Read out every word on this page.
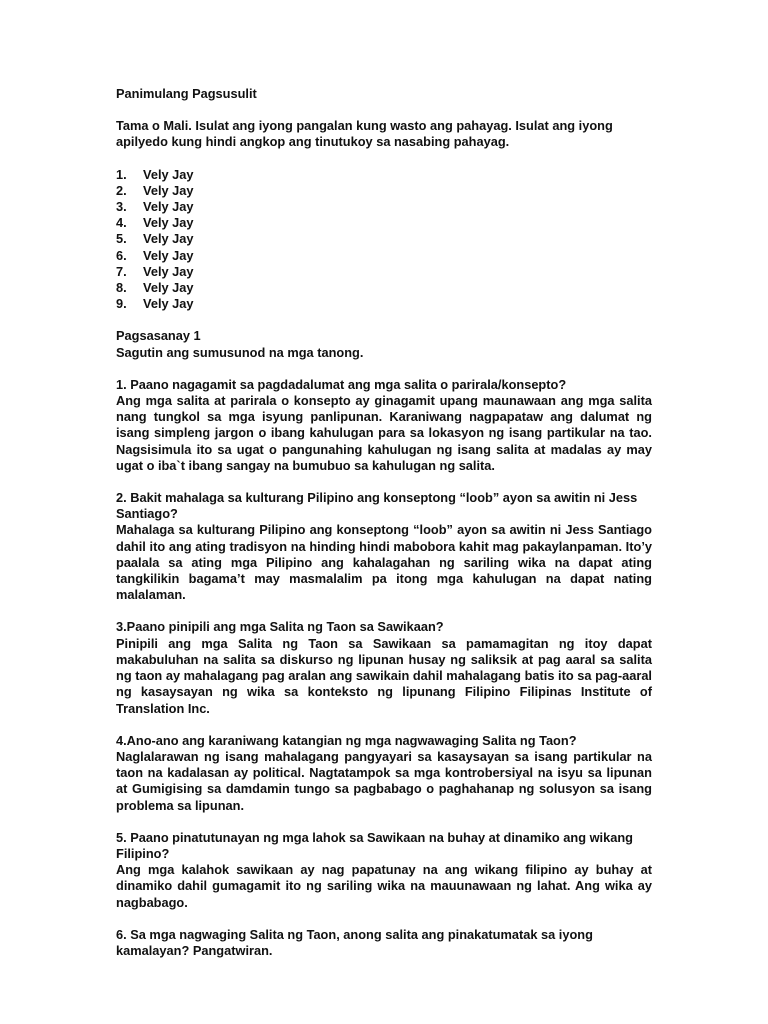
Panimulang Pagsusulit

Tama o Mali. Isulat ang iyong pangalan kung wasto ang pahayag. Isulat ang iyong apilyedo kung hindi angkop ang tinutukoy sa nasabing pahayag.

1.	Vely Jay
2.	Vely Jay
3.	Vely Jay
4.	Vely Jay
5.	Vely Jay
6.	Vely Jay
7.	Vely Jay
8.	Vely Jay
9.	Vely Jay

Pagsasanay 1

Sagutin ang sumusunod na mga tanong.

1. Paano nagagamit sa pagdadalumat ang mga salita o parirala/konsepto?

Ang mga salita at parirala o konsepto ay ginagamit upang maunawaan ang mga salita nang tungkol sa mga isyung panlipunan. Karaniwang nagpapataw ang dalumat ng isang simpleng jargon o ibang kahulugan para sa lokasyon ng isang partikular na tao. Nagsisimula ito sa ugat o pangunahing kahulugan ng isang salita at madalas ay may ugat o iba`t ibang sangay na bumubuo sa kahulugan ng salita.

2. Bakit mahalaga sa kulturang Pilipino ang konseptong “loob” ayon sa awitin ni Jess Santiago?

Mahalaga sa kulturang Pilipino ang konseptong “loob” ayon sa awitin ni Jess Santiago dahil ito ang ating tradisyon na hinding hindi mabobora kahit mag pakaylanpaman. Ito’y paalala sa ating mga Pilipino ang kahalagahan ng sariling wika na dapat ating tangkilikin bagama’t may masmalalim pa itong mga kahulugan na dapat nating malalaman.

3.Paano pinipili ang mga Salita ng Taon sa Sawikaan?

Pinipili ang mga Salita ng Taon sa Sawikaan sa pamamagitan ng itoy dapat makabuluhan na salita sa diskurso ng lipunan husay ng saliksik at pag aaral sa salita ng taon ay mahalagang pag aralan ang sawikain dahil mahalagang batis ito sa pag-aaral ng kasaysayan ng wika sa konteksto ng lipunang Filipino Filipinas Institute of Translation Inc.

4.Ano-ano ang karaniwang katangian ng mga nagwawaging Salita ng Taon?

Naglalarawan ng isang mahalagang pangyayari sa kasaysayan sa isang partikular na taon na kadalasan ay political. Nagtatampok sa mga kontrobersiyal na isyu sa lipunan at Gumigising sa damdamin tungo sa pagbabago o paghahanap ng solusyon sa isang problema sa lipunan.

5. Paano pinatutunayan ng mga lahok sa Sawikaan na buhay at dinamiko ang wikang Filipino?

Ang mga kalahok sawikaan ay nag papatunay na ang wikang filipino ay buhay at dinamiko dahil gumagamit ito ng sariling wika na mauunawaan ng lahat. Ang wika ay nagbabago.

6. Sa mga nagwaging Salita ng Taon, anong salita ang pinakatumatak sa iyong kamalayan? Pangatwiran.
